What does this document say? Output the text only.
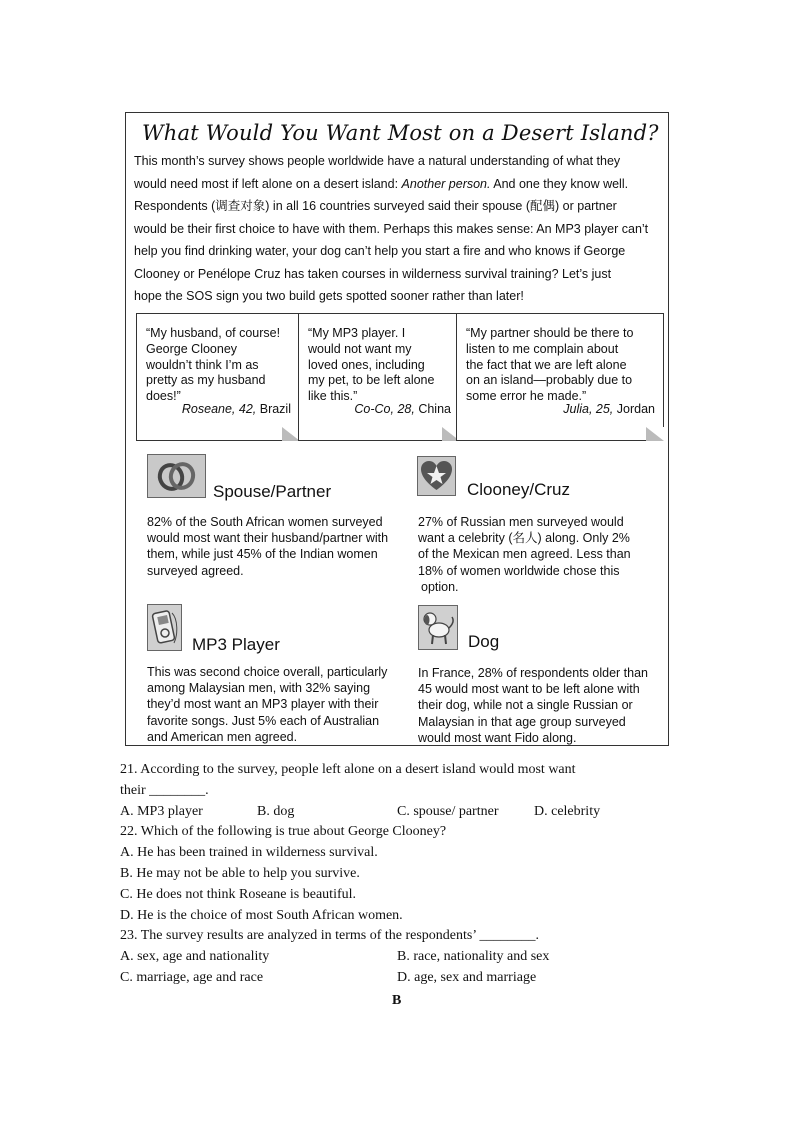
What Would You Want Most on a Desert Island?

This month’s survey shows people worldwide have a natural understanding of what they

would need most if left alone on a desert island: Another person. And one they know well.

Respondents (调查对象) in all 16 countries surveyed said their spouse (配偶) or partner

would be their first choice to have with them. Perhaps this makes sense: An MP3 player can’t

help you find drinking water, your dog can’t help you start a fire and who knows if George

Clooney or Penélope Cruz has taken courses in wilderness survival training? Let’s just

hope the SOS sign you two build gets spotted sooner rather than later!

“My husband, of course!
George Clooney
wouldn’t think I’m as
pretty as my husband
does!”
Roseane, 42, Brazil
“My MP3 player. I
would not want my
loved ones, including
my pet, to be left alone
like this.”
Co-Co, 28, China
“My partner should be there to
listen to me complain about
the fact that we are left alone
on an island—probably due to
some error he made.”
Julia, 25, Jordan
Spouse/Partner
82% of the South African women surveyed
would most want their husband/partner with
them, while just 45% of the Indian women
surveyed agreed.
Clooney/Cruz
27% of Russian men surveyed would
want a celebrity (名人) along. Only 2%
of the Mexican men agreed. Less than
18% of women worldwide chose this
option.
MP3 Player
This was second choice overall, particularly
among Malaysian men, with 32% saying
they’d most want an MP3 player with their
favorite songs. Just 5% each of Australian
and American men agreed.
Dog
In France, 28% of respondents older than
45 would most want to be left alone with
their dog, while not a single Russian or
Malaysian in that age group surveyed
would most want Fido along.

21. According to the survey, people left alone on a desert island would most want

their ________.

A. MP3 player	B. dog	C. spouse/ partner	D. celebrity

22. Which of the following is true about George Clooney?

A. He has been trained in wilderness survival.

B. He may not be able to help you survive.

C. He does not think Roseane is beautiful.

D. He is the choice of most South African women.

23. The survey results are analyzed in terms of the respondents’ ________.

A. sex, age and nationality	B. race, nationality and sex
C. marriage, age and race	D. age, sex and marriage
B
